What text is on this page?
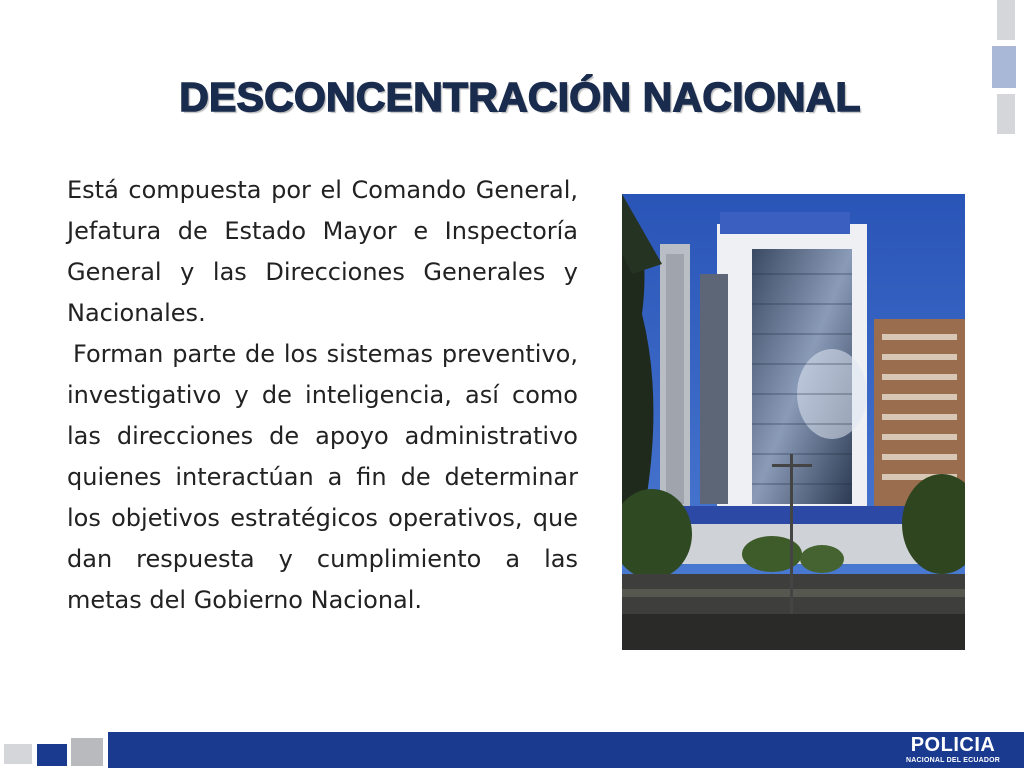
DESCONCENTRACIÓN NACIONAL

Está compuesta por el Comando General, Jefatura de Estado Mayor e Inspectoría General y las Direcciones Generales y Nacionales.

Forman parte de los sistemas preventivo, investigativo y de inteligencia, así como las direcciones de apoyo administrativo quienes interactúan a fin de determinar los objetivos estratégicos operativos, que dan respuesta y cumplimiento a las metas del Gobierno Nacional.

POLICIA
NACIONAL DEL ECUADOR
